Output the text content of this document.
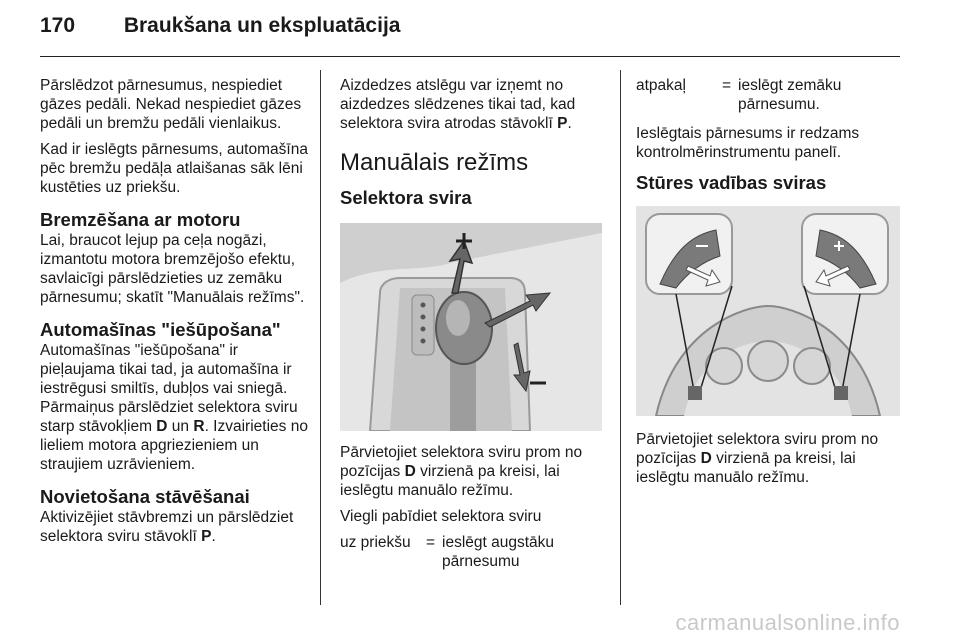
170 Braukšana un ekspluatācija

Pārslēdzot pārnesumus, nespiediet gāzes pedāli. Nekad nespiediet gāzes pedāli un bremžu pedāli vienlaikus.

Kad ir ieslēgts pārnesums, automašīna pēc bremžu pedāļa atlaišanas sāk lēni kustēties uz priekšu.

Bremzēšana ar motoru

Lai, braucot lejup pa ceļa nogāzi, izmantotu motora bremzējošo efektu, savlaicīgi pārslēdzieties uz zemāku pārnesumu; skatīt "Manuālais režīms".

Automašīnas "iešūpošana"

Automašīnas "iešūpošana" ir pieļaujama tikai tad, ja automašīna ir iestrēgusi smiltīs, dubļos vai sniegā. Pārmaiņus pārslēdziet selektora sviru starp stāvokļiem D un R. Izvairieties no lieliem motora apgriezieniem un straujiem uzrāvieniem.

Novietošana stāvēšanai

Aktivizējiet stāvbremzi un pārslēdziet selektora sviru stāvoklī P.

Aizdedzes atslēgu var izņemt no aizdedzes slēdzenes tikai tad, kad selektora svira atrodas stāvoklī P.

Manuālais režīms
Selektora svira

Pārvietojiet selektora sviru prom no pozīcijas D virzienā pa kreisi, lai ieslēgtu manuālo režīmu.

Viegli pabīdiet selektora sviru

uz priekšu = ieslēgt augstāku pārnesumu
atpakaļ	= ieslēgt zemāku pārnesumu.

Ieslēgtais pārnesums ir redzams kontrolmērinstrumentu panelī.

Stūres vadības sviras

Pārvietojiet selektora sviru prom no pozīcijas D virzienā pa kreisi, lai ieslēgtu manuālo režīmu.

carmanualsonline.info
